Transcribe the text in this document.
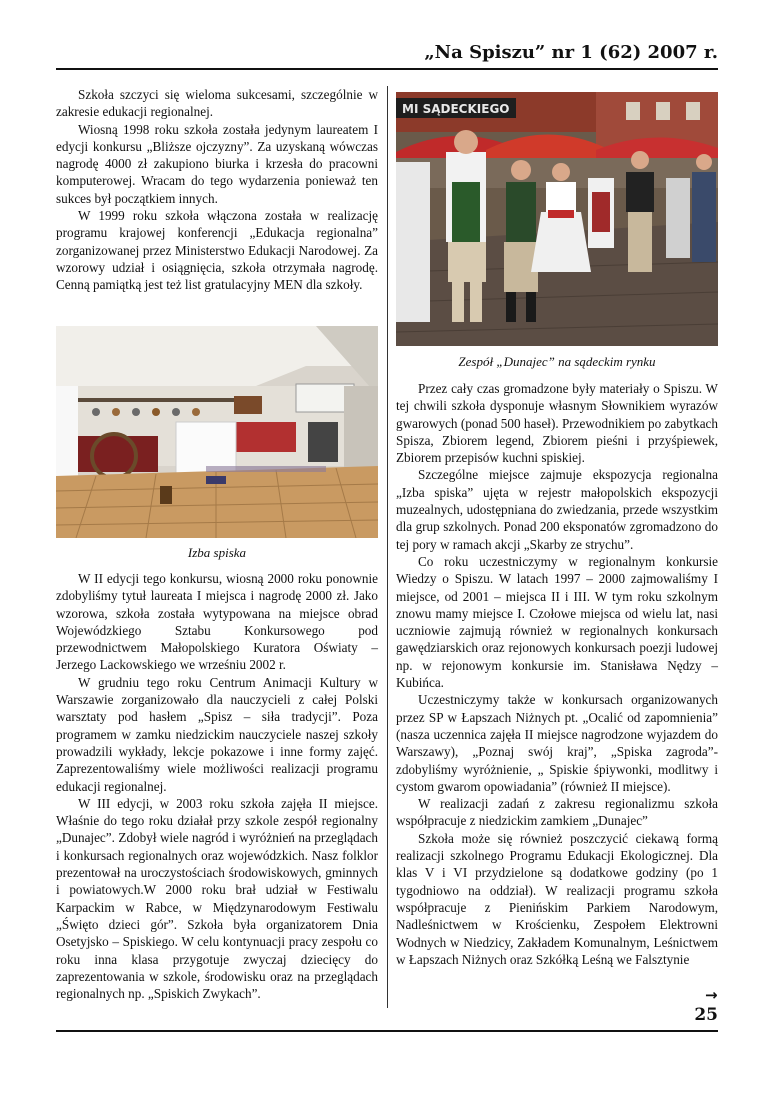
„Na Spiszu” nr 1 (62) 2007 r.

Szkoła szczyci się wieloma sukcesami, szczególnie w zakresie edukacji regionalnej.

Wiosną 1998 roku szkoła została jedynym laureatem I edycji konkursu „Bliższe ojczyzny”. Za uzyskaną wówczas nagrodę 4000 zł zakupiono biurka i krzesła do pracowni komputerowej. Wracam do tego wydarzenia ponieważ ten sukces był początkiem innych.

W 1999 roku szkoła włączona została w realizację programu krajowej konferencji „Edukacja regionalna” zorganizowanej przez Ministerstwo Edukacji Narodowej. Za wzorowy udział i osiągnięcia, szkoła otrzymała nagrodę. Cenną pamiątką jest też list gratulacyjny MEN dla szkoły.

Izba spiska

W II edycji tego konkursu, wiosną 2000 roku ponownie zdobyliśmy tytuł laureata I miejsca i nagrodę 2000 zł. Jako wzorowa, szkoła została wytypowana na miejsce obrad Wojewódzkiego Sztabu Konkursowego pod przewodnictwem Małopolskiego Kuratora Oświaty – Jerzego Lackowskiego we wrześniu 2002 r.

W grudniu tego roku Centrum Animacji Kultury w Warszawie zorganizowało dla nauczycieli z całej Polski warsztaty pod hasłem „Spisz – siła tradycji”. Poza programem w zamku niedzickim nauczyciele naszej szkoły prowadzili wykłady, lekcje pokazowe i inne formy zajęć. Zaprezentowaliśmy wiele możliwości realizacji programu edukacji regionalnej.

W III edycji, w 2003 roku szkoła zajęła II miejsce. Właśnie do tego roku działał przy szkole zespół regionalny „Dunajec”. Zdobył wiele nagród i wyróżnień na przeglądach i konkursach regionalnych oraz wojewódzkich. Nasz folklor prezentował na uroczystościach środowiskowych, gminnych i powiatowych.W 2000 roku brał udział w Festiwalu Karpackim w Rabce, w Międzynarodowym Festiwalu „Święto dzieci gór”. Szkoła była organizatorem Dnia Osetyjsko – Spiskiego. W celu kontynuacji pracy zespołu co roku inna klasa przygotuje zwyczaj dziecięcy do zaprezentowania w szkole, środowisku oraz na przeglądach regionalnych np. „Spiskich Zwykach”.

MI SĄDECKIEGO
Zespół „Dunajec” na sądeckim rynku

Przez cały czas gromadzone były materiały o Spiszu. W tej chwili szkoła dysponuje własnym Słownikiem wyrazów gwarowych (ponad 500 haseł). Przewodnikiem po zabytkach Spisza, Zbiorem legend, Zbiorem pieśni i przyśpiewek, Zbiorem przepisów kuchni spiskiej.

Szczególne miejsce zajmuje ekspozycja regionalna „Izba spiska” ujęta w rejestr małopolskich ekspozycji muzealnych, udostępniana do zwiedzania, przede wszystkim dla grup szkolnych. Ponad 200 eksponatów zgromadzono do tej pory w ramach akcji „Skarby ze strychu”.

Co roku uczestniczymy w regionalnym konkursie Wiedzy o Spiszu. W latach 1997 – 2000 zajmowaliśmy I miejsce, od 2001 – miejsca II i III. W tym roku szkolnym znowu mamy miejsce I. Czołowe miejsca od wielu lat, nasi uczniowie zajmują również w regionalnych konkursach gawędziarskich oraz rejonowych konkursach poezji ludowej np. w rejonowym konkursie im. Stanisława Nędzy – Kubińca.

Uczestniczymy także w konkursach organizowanych przez SP w Łapszach Niżnych pt. „Ocalić od zapomnienia” (nasza uczennica zajęła II miejsce nagrodzone wyjazdem do Warszawy), „Poznaj swój kraj”, „Spiska zagroda”- zdobyliśmy wyróżnienie, „ Spiskie śpiywonki, modlitwy i cystom gwarom opowiadania” (również II miejsce).

W realizacji zadań z zakresu regionalizmu szkoła współpracuje z niedzickim zamkiem „Dunajec”

Szkoła może się również poszczycić ciekawą formą realizacji szkolnego Programu Edukacji Ekologicznej. Dla klas V i VI przydzielone są dodatkowe godziny (po 1 tygodniowo na oddział). W realizacji programu szkoła współpracuje z Pienińskim Parkiem Narodowym, Nadleśnictwem w Krościenku, Zespołem Elektrowni Wodnych w Niedzicy, Zakładem Komunalnym, Leśnictwem w Łapszach Niżnych oraz Szkółką Leśną we Falsztynie

→
25
